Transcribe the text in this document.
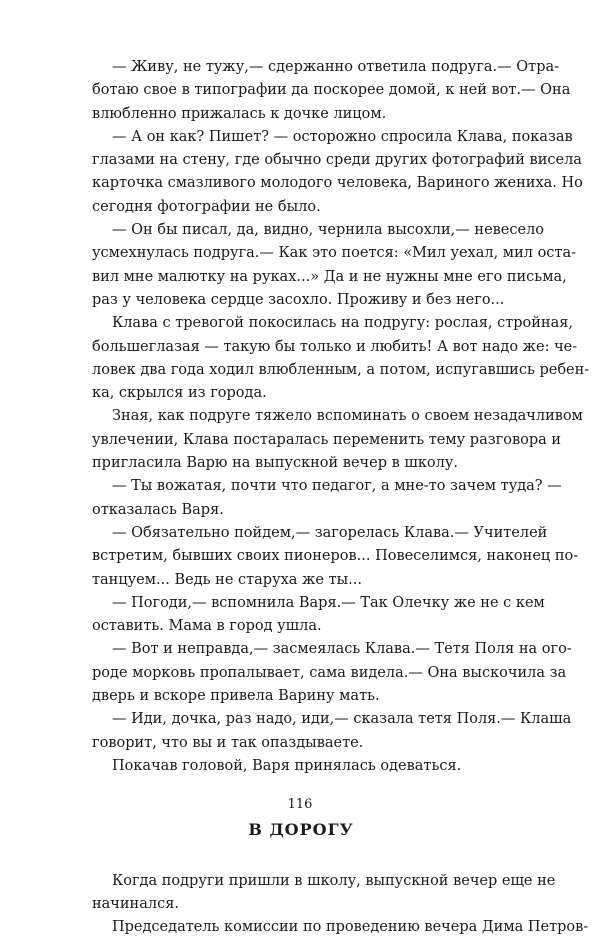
— Живу, не тужу,— сдержанно ответила подруга.— Отра-
ботаю свое в типографии да поскорее домой, к ней вот.— Она
влюбленно прижалась к дочке лицом.
— А он как? Пишет? — осторожно спросила Клава, показав
глазами на стену, где обычно среди других фотографий висела
карточка смазливого молодого человека, Вариного жениха. Но
сегодня фотографии не было.
— Он бы писал, да, видно, чернила высохли,— невесело
усмехнулась подруга.— Как это поется: «Мил уехал, мил оста-
вил мне малютку на руках...» Да и не нужны мне его письма,
раз у человека сердце засохло. Проживу и без него...
Клава с тревогой покосилась на подругу: рослая, стройная,
большеглазая — такую бы только и любить! А вот надо же: че-
ловек два года ходил влюбленным, а потом, испугавшись ребен-
ка, скрылся из города.
Зная, как подруге тяжело вспоминать о своем незадачливом
увлечении, Клава постаралась переменить тему разговора и
пригласила Варю на выпускной вечер в школу.
— Ты вожатая, почти что педагог, а мне-то зачем туда? —
отказалась Варя.
— Обязательно пойдем,— загорелась Клава.— Учителей
встретим, бывших своих пионеров... Повеселимся, наконец по-
танцуем... Ведь не старуха же ты...
— Погоди,— вспомнила Варя.— Так Олечку же не с кем
оставить. Мама в город ушла.
— Вот и неправда,— засмеялась Клава.— Тетя Поля на ого-
роде морковь пропалывает, сама видела.— Она выскочила за
дверь и вскоре привела Варину мать.
— Иди, дочка, раз надо, иди,— сказала тетя Поля.— Клаша
говорит, что вы и так опаздываете.
Покачав головой, Варя принялась одеваться.
В ДОРОГУ
Когда подруги пришли в школу, выпускной вечер еще не
начинался.
Председатель комиссии по проведению вечера Дима Петров-
116
